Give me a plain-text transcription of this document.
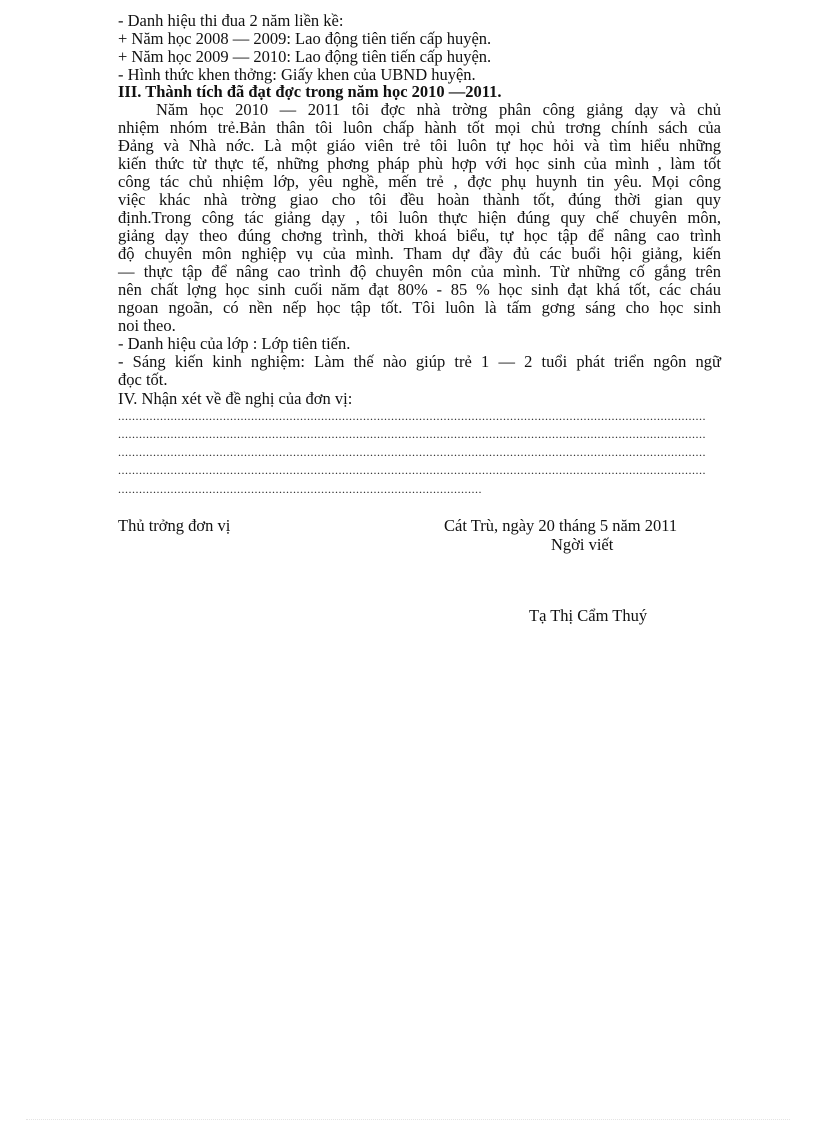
- Danh hiệu thi đua 2 năm liền kề:
+ Năm học 2008 — 2009: Lao động tiên tiến cấp huyện.
+ Năm học 2009 — 2010: Lao động tiên tiến cấp huyện.
- Hình thức khen thởng: Giấy khen của UBND huyện.
III. Thành tích đã đạt đợc trong năm học 2010 —2011.
Năm học 2010 — 2011 tôi đợc nhà trờng phân công giảng dạy và chủ
nhiệm nhóm trẻ.Bản thân tôi luôn chấp hành tốt mọi chủ trơng chính sách của
Đảng và Nhà nớc. Là một giáo viên trẻ tôi luôn tự học hỏi và tìm hiểu những
kiến thức từ thực tế, những phơng pháp phù hợp với học sinh của mình , làm tốt
công tác chủ nhiệm lớp, yêu nghề, mến trẻ , đợc phụ huynh tin yêu. Mọi công
việc khác nhà trờng giao cho tôi đều hoàn thành tốt, đúng thời gian quy
định.Trong công tác giảng dạy , tôi luôn thực hiện đúng quy chế chuyên môn,
giảng dạy theo đúng chơng trình, thời khoá biểu, tự học tập để nâng cao trình
độ chuyên môn nghiệp vụ của mình. Tham dự đầy đủ các buổi hội giảng, kiến
— thực tập để nâng cao trình độ chuyên môn của mình. Từ những cố gắng trên
nên chất lợng học sinh cuối năm đạt 80% - 85 % học sinh đạt khá tốt, các cháu
ngoan ngoãn, có nền nếp học tập tốt. Tôi luôn là tấm gơng sáng cho học sinh
noi theo.
- Danh hiệu của lớp : Lớp tiên tiến.
- Sáng kiến kinh nghiệm: Làm thế nào giúp trẻ 1 — 2 tuổi phát triển ngôn ngữ
đọc tốt.
IV. Nhận xét về đề nghị của đơn vị:
........................................................................................................................................................................
........................................................................................................................................................................
........................................................................................................................................................................
........................................................................................................................................................................
........................................................................................................
Thủ trởng đơn vị	Cát Trù, ngày 20 tháng 5 năm 2011
Ngời viết
Tạ Thị Cẩm Thuý
